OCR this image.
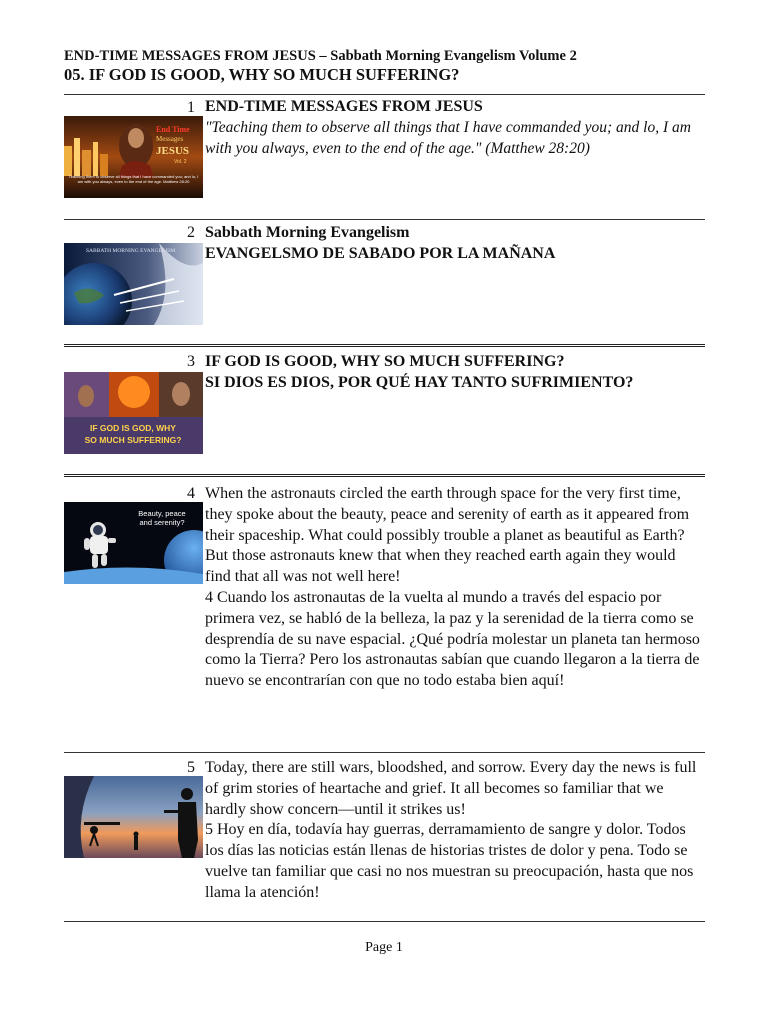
END-TIME MESSAGES FROM JESUS – Sabbath Morning Evangelism Volume 2
05. IF GOD IS GOOD, WHY SO MUCH SUFFERING?
1
End Time
Messages
JESUS
Vol. 2
Teaching them to observe all things that I have commanded you; and lo, I am with you always, even to the end of the age. Matthew 28:20
END-TIME MESSAGES FROM JESUS
"Teaching them to observe all things that I have commanded you; and lo, I am with you always, even to the end of the age." (Matthew 28:20)
2
SABBATH MORNING EVANGELISM
Sabbath Morning Evangelism
EVANGELSMO DE SABADO POR LA MAÑANA
3
IF GOD IS GOD, WHY
SO MUCH SUFFERING?
IF GOD IS GOOD, WHY SO MUCH SUFFERING?
SI DIOS ES DIOS, POR QUÉ HAY TANTO SUFRIMIENTO?
4
Beauty, peace
and serenity?

When the astronauts circled the earth through space for the very first time, they spoke about the beauty, peace and serenity of earth as it appeared from their spaceship. What could possibly trouble a planet as beautiful as Earth? But those astronauts knew that when they reached earth again they would find that all was not well here!

4 Cuando los astronautas de la vuelta al mundo a través del espacio por primera vez, se habló de la belleza, la paz y la serenidad de la tierra como se desprendía de su nave espacial. ¿Qué podría molestar un planeta tan hermoso como la Tierra? Pero los astronautas sabían que cuando llegaron a la tierra de nuevo se encontrarían con que no todo estaba bien aquí!

5 Today, there are still wars, bloodshed, and sorrow. Every day the news is full of grim stories of heartache and grief. It all becomes so familiar that we hardly show concern—until it strikes us!

5 Hoy en día, todavía hay guerras, derramamiento de sangre y dolor. Todos los días las noticias están llenas de historias tristes de dolor y pena. Todo se vuelve tan familiar que casi no nos muestran su preocupación, hasta que nos llama la atención!

Page 1
